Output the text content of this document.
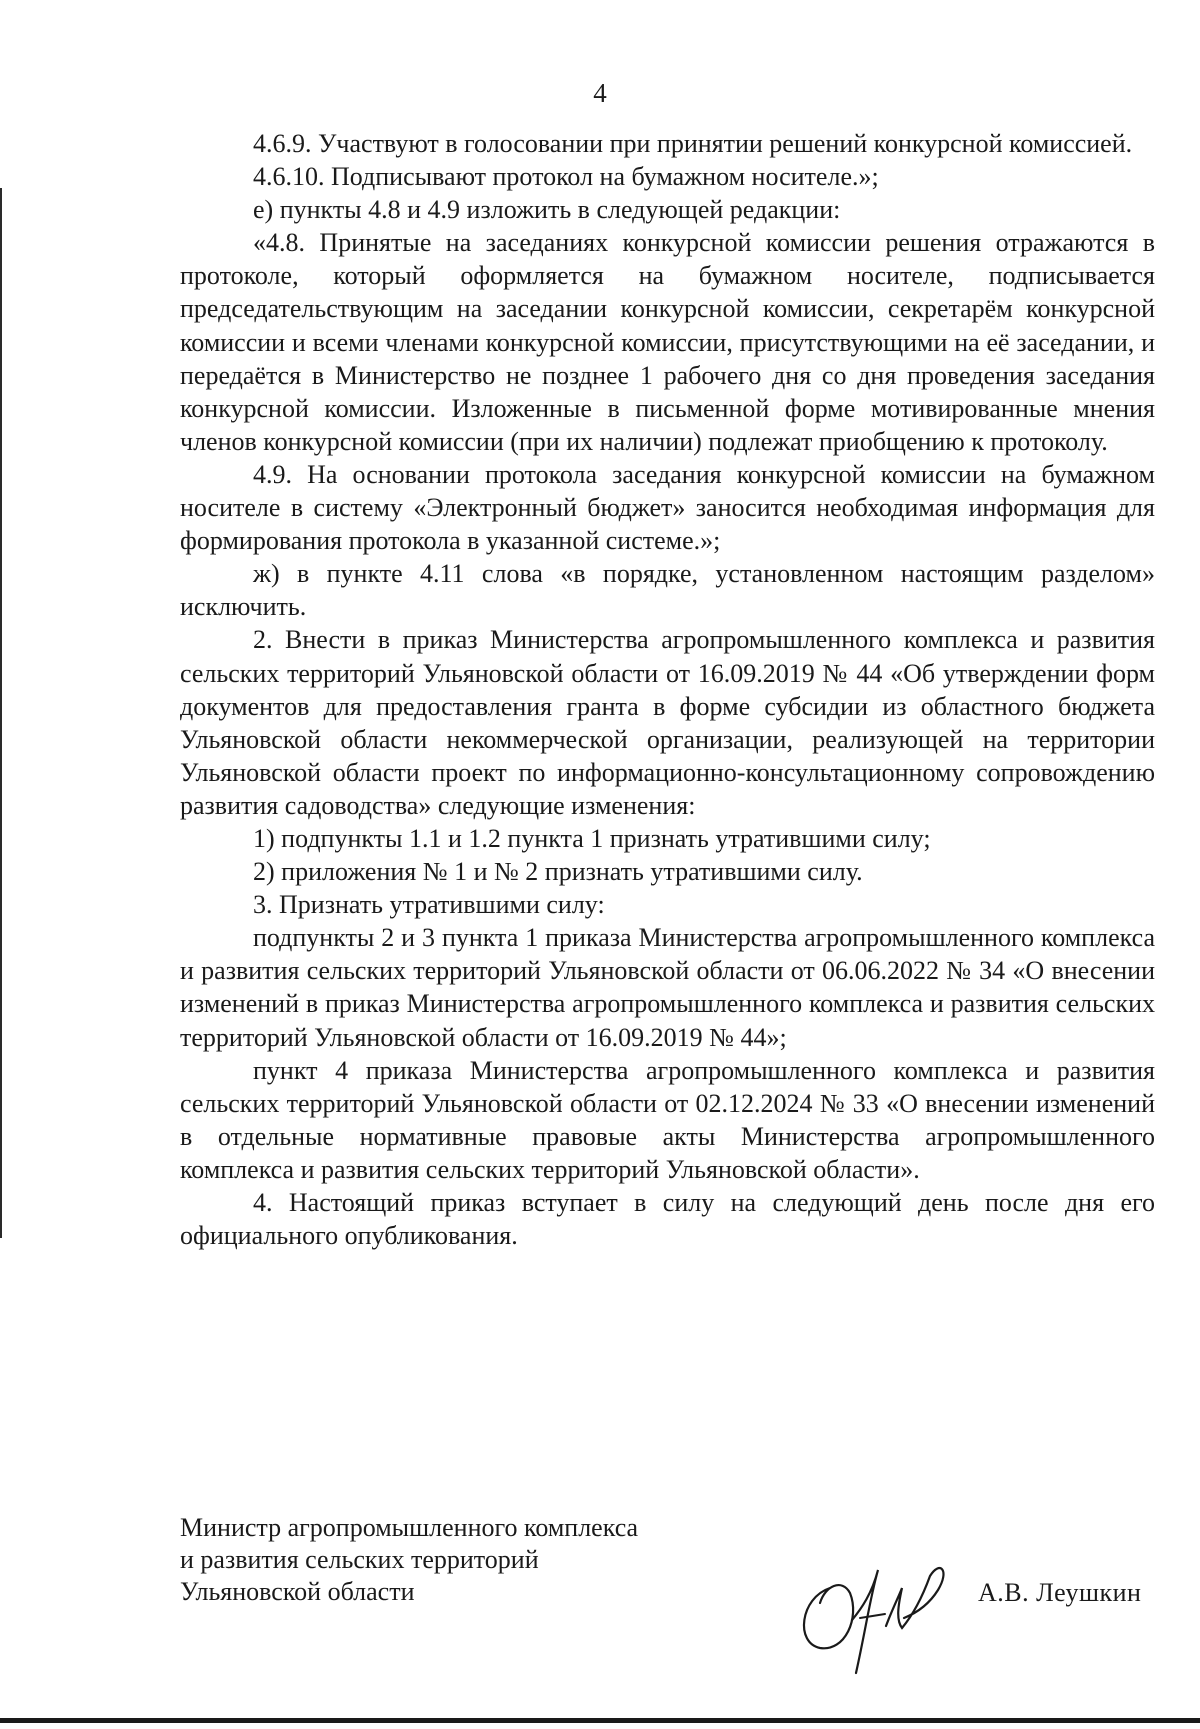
4

4.6.9. Участвуют в голосовании при принятии решений конкурсной комиссией.

4.6.10. Подписывают протокол на бумажном носителе.»;

е) пункты 4.8 и 4.9 изложить в следующей редакции:

«4.8. Принятые на заседаниях конкурсной комиссии решения отражаются в протоколе, который оформляется на бумажном носителе, подписывается председательствующим на заседании конкурсной комиссии, секретарём конкурсной комиссии и всеми членами конкурсной комиссии, присутствующими на её заседании, и передаётся в Министерство не позднее 1 рабочего дня со дня проведения заседания конкурсной комиссии. Изложенные в письменной форме мотивированные мнения членов конкурсной комиссии (при их наличии) подлежат приобщению к протоколу.

4.9. На основании протокола заседания конкурсной комиссии на бумажном носителе в систему «Электронный бюджет» заносится необходимая информация для формирования протокола в указанной системе.»;

ж) в пункте 4.11 слова «в порядке, установленном настоящим разделом» исключить.

2. Внести в приказ Министерства агропромышленного комплекса и развития сельских территорий Ульяновской области от 16.09.2019 № 44 «Об утверждении форм документов для предоставления гранта в форме субсидии из областного бюджета Ульяновской области некоммерческой организации, реализующей на территории Ульяновской области проект по информационно-консультационному сопровождению развития садоводства» следующие изменения:

1) подпункты 1.1 и 1.2 пункта 1 признать утратившими силу;

2) приложения № 1 и № 2 признать утратившими силу.

3. Признать утратившими силу:

подпункты 2 и 3 пункта 1 приказа Министерства агропромышленного комплекса и развития сельских территорий Ульяновской области от 06.06.2022 № 34 «О внесении изменений в приказ Министерства агропромышленного комплекса и развития сельских территорий Ульяновской области от 16.09.2019 № 44»;

пункт 4 приказа Министерства агропромышленного комплекса и развития сельских территорий Ульяновской области от 02.12.2024 № 33 «О внесении изменений в отдельные нормативные правовые акты Министерства агропромышленного комплекса и развития сельских территорий Ульяновской области».

4. Настоящий приказ вступает в силу на следующий день после дня его официального опубликования.

Министр агропромышленного комплекса
и развития сельских территорий
Ульяновской области	А.В. Леушкин
